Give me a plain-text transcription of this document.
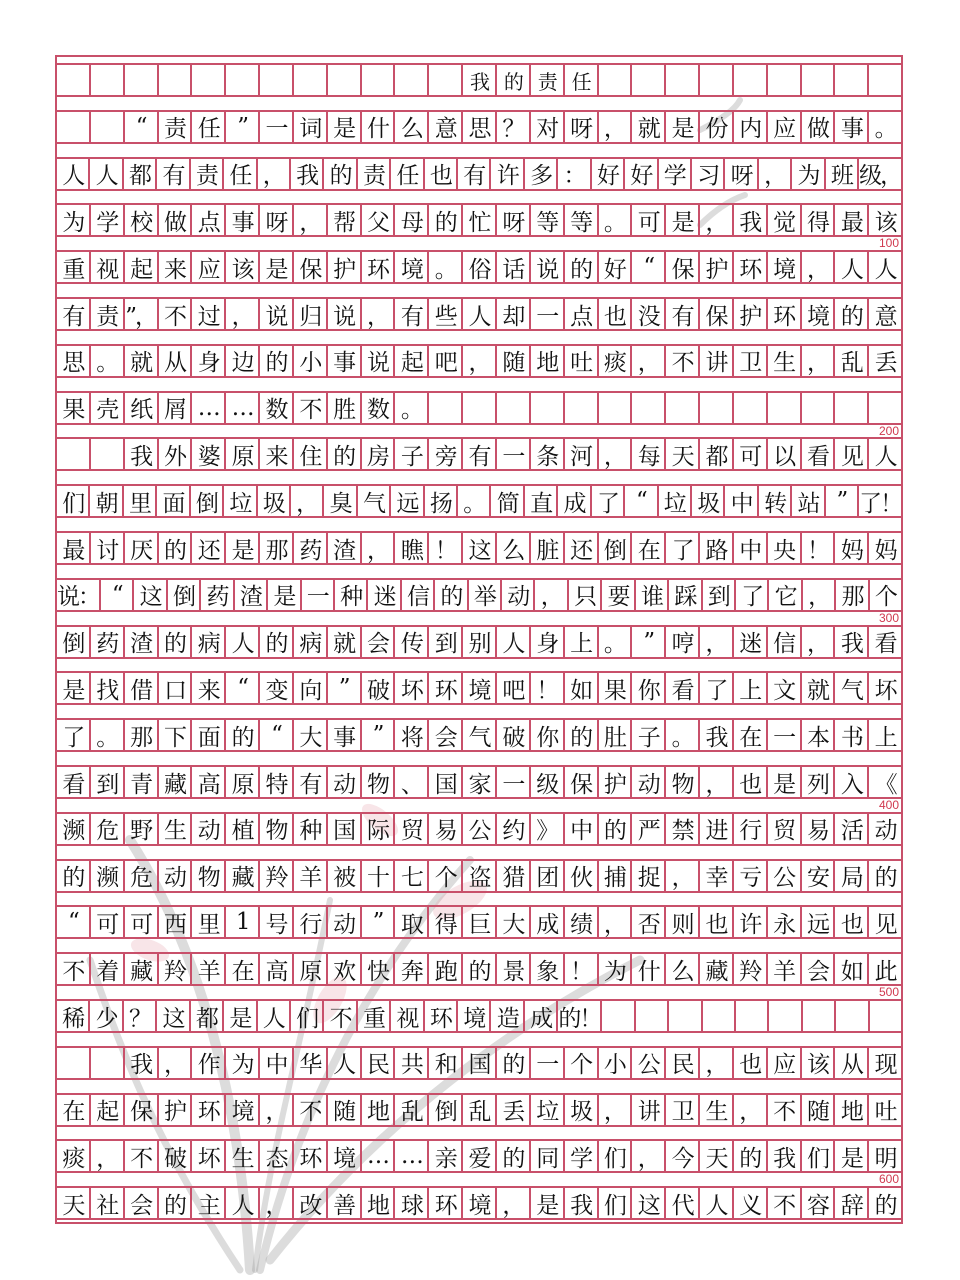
我 的 责 任
“ 责 任 ” 一 词 是 什 么 意 思 ？ 对 呀 ， 就 是 份 内 应 做 事 。
人 人 都 有 责 任 ， 我 的 责 任 也 有 许 多 ： 好 好 学 习 呀 ， 为 班 级，
为 学 校 做 点 事 呀 ， 帮 父 母 的 忙 呀 等 等 。 可 是 ， 我 觉 得 最 该
重 视 起 来 应 该 是 保 护 环 境 。 俗 话 说 的 好 “ 保 护 环 境 ， 人 人
有 责 ”， 不 过 ， 说 归 说 ， 有 些 人 却 一 点 也 没 有 保 护 环 境 的 意
思 。 就 从 身 边 的 小 事 说 起 吧 ， 随 地 吐 痰 ， 不 讲 卫 生 ， 乱 丢
果 壳 纸 屑 … … 数 不 胜 数 。
我 外 婆 原 来 住 的 房 子 旁 有 一 条 河 ， 每 天 都 可 以 看 见 人
们 朝 里 面 倒 垃 圾 ， 臭 气 远 扬 。 简 直 成 了 “ 垃 圾 中 转 站 ” 了！
最 讨 厌 的 还 是 那 药 渣 ， 瞧 ！ 这 么 脏 还 倒 在 了 路 中 央 ！ 妈 妈
说： “ 这 倒 药 渣 是 一 种 迷 信 的 举 动 ， 只 要 谁 踩 到 了 它 ， 那 个
倒 药 渣 的 病 人 的 病 就 会 传 到 别 人 身 上 。 ” 哼 ， 迷 信 ， 我 看
是 找 借 口 来 “ 变 向 ” 破 坏 环 境 吧 ！ 如 果 你 看 了 上 文 就 气 坏
了 。 那 下 面 的 “ 大 事 ” 将 会 气 破 你 的 肚 子 。 我 在 一 本 书 上
看 到 青 藏 高 原 特 有 动 物 、 国 家 一 级 保 护 动 物 ， 也 是 列 入 《
濒 危 野 生 动 植 物 种 国 际 贸 易 公 约 》 中 的 严 禁 进 行 贸 易 活 动
的 濒 危 动 物 藏 羚 羊 被 十 七 个 盗 猎 团 伙 捕 捉 ， 幸 亏 公 安 局 的
“ 可 可 西 里 1 号 行 动 ” 取 得 巨 大 成 绩 ， 否 则 也 许 永 远 也 见
不 着 藏 羚 羊 在 高 原 欢 快 奔 跑 的 景 象 ！ 为 什 么 藏 羚 羊 会 如 此
稀 少 ？ 这 都 是 人 们 不 重 视 环 境 造 成 的！
我 ， 作 为 中 华 人 民 共 和 国 的 一 个 小 公 民 ， 也 应 该 从 现
在 起 保 护 环 境 ， 不 随 地 乱 倒 乱 丢 垃 圾 ， 讲 卫 生 ， 不 随 地 吐
痰 ， 不 破 坏 生 态 环 境 … … 亲 爱 的 同 学 们 ， 今 天 的 我 们 是 明
天 社 会 的 主 人 ， 改 善 地 球 环 境 ， 是 我 们 这 代 人 义 不 容 辞 的
100
200
300
400
500
600
